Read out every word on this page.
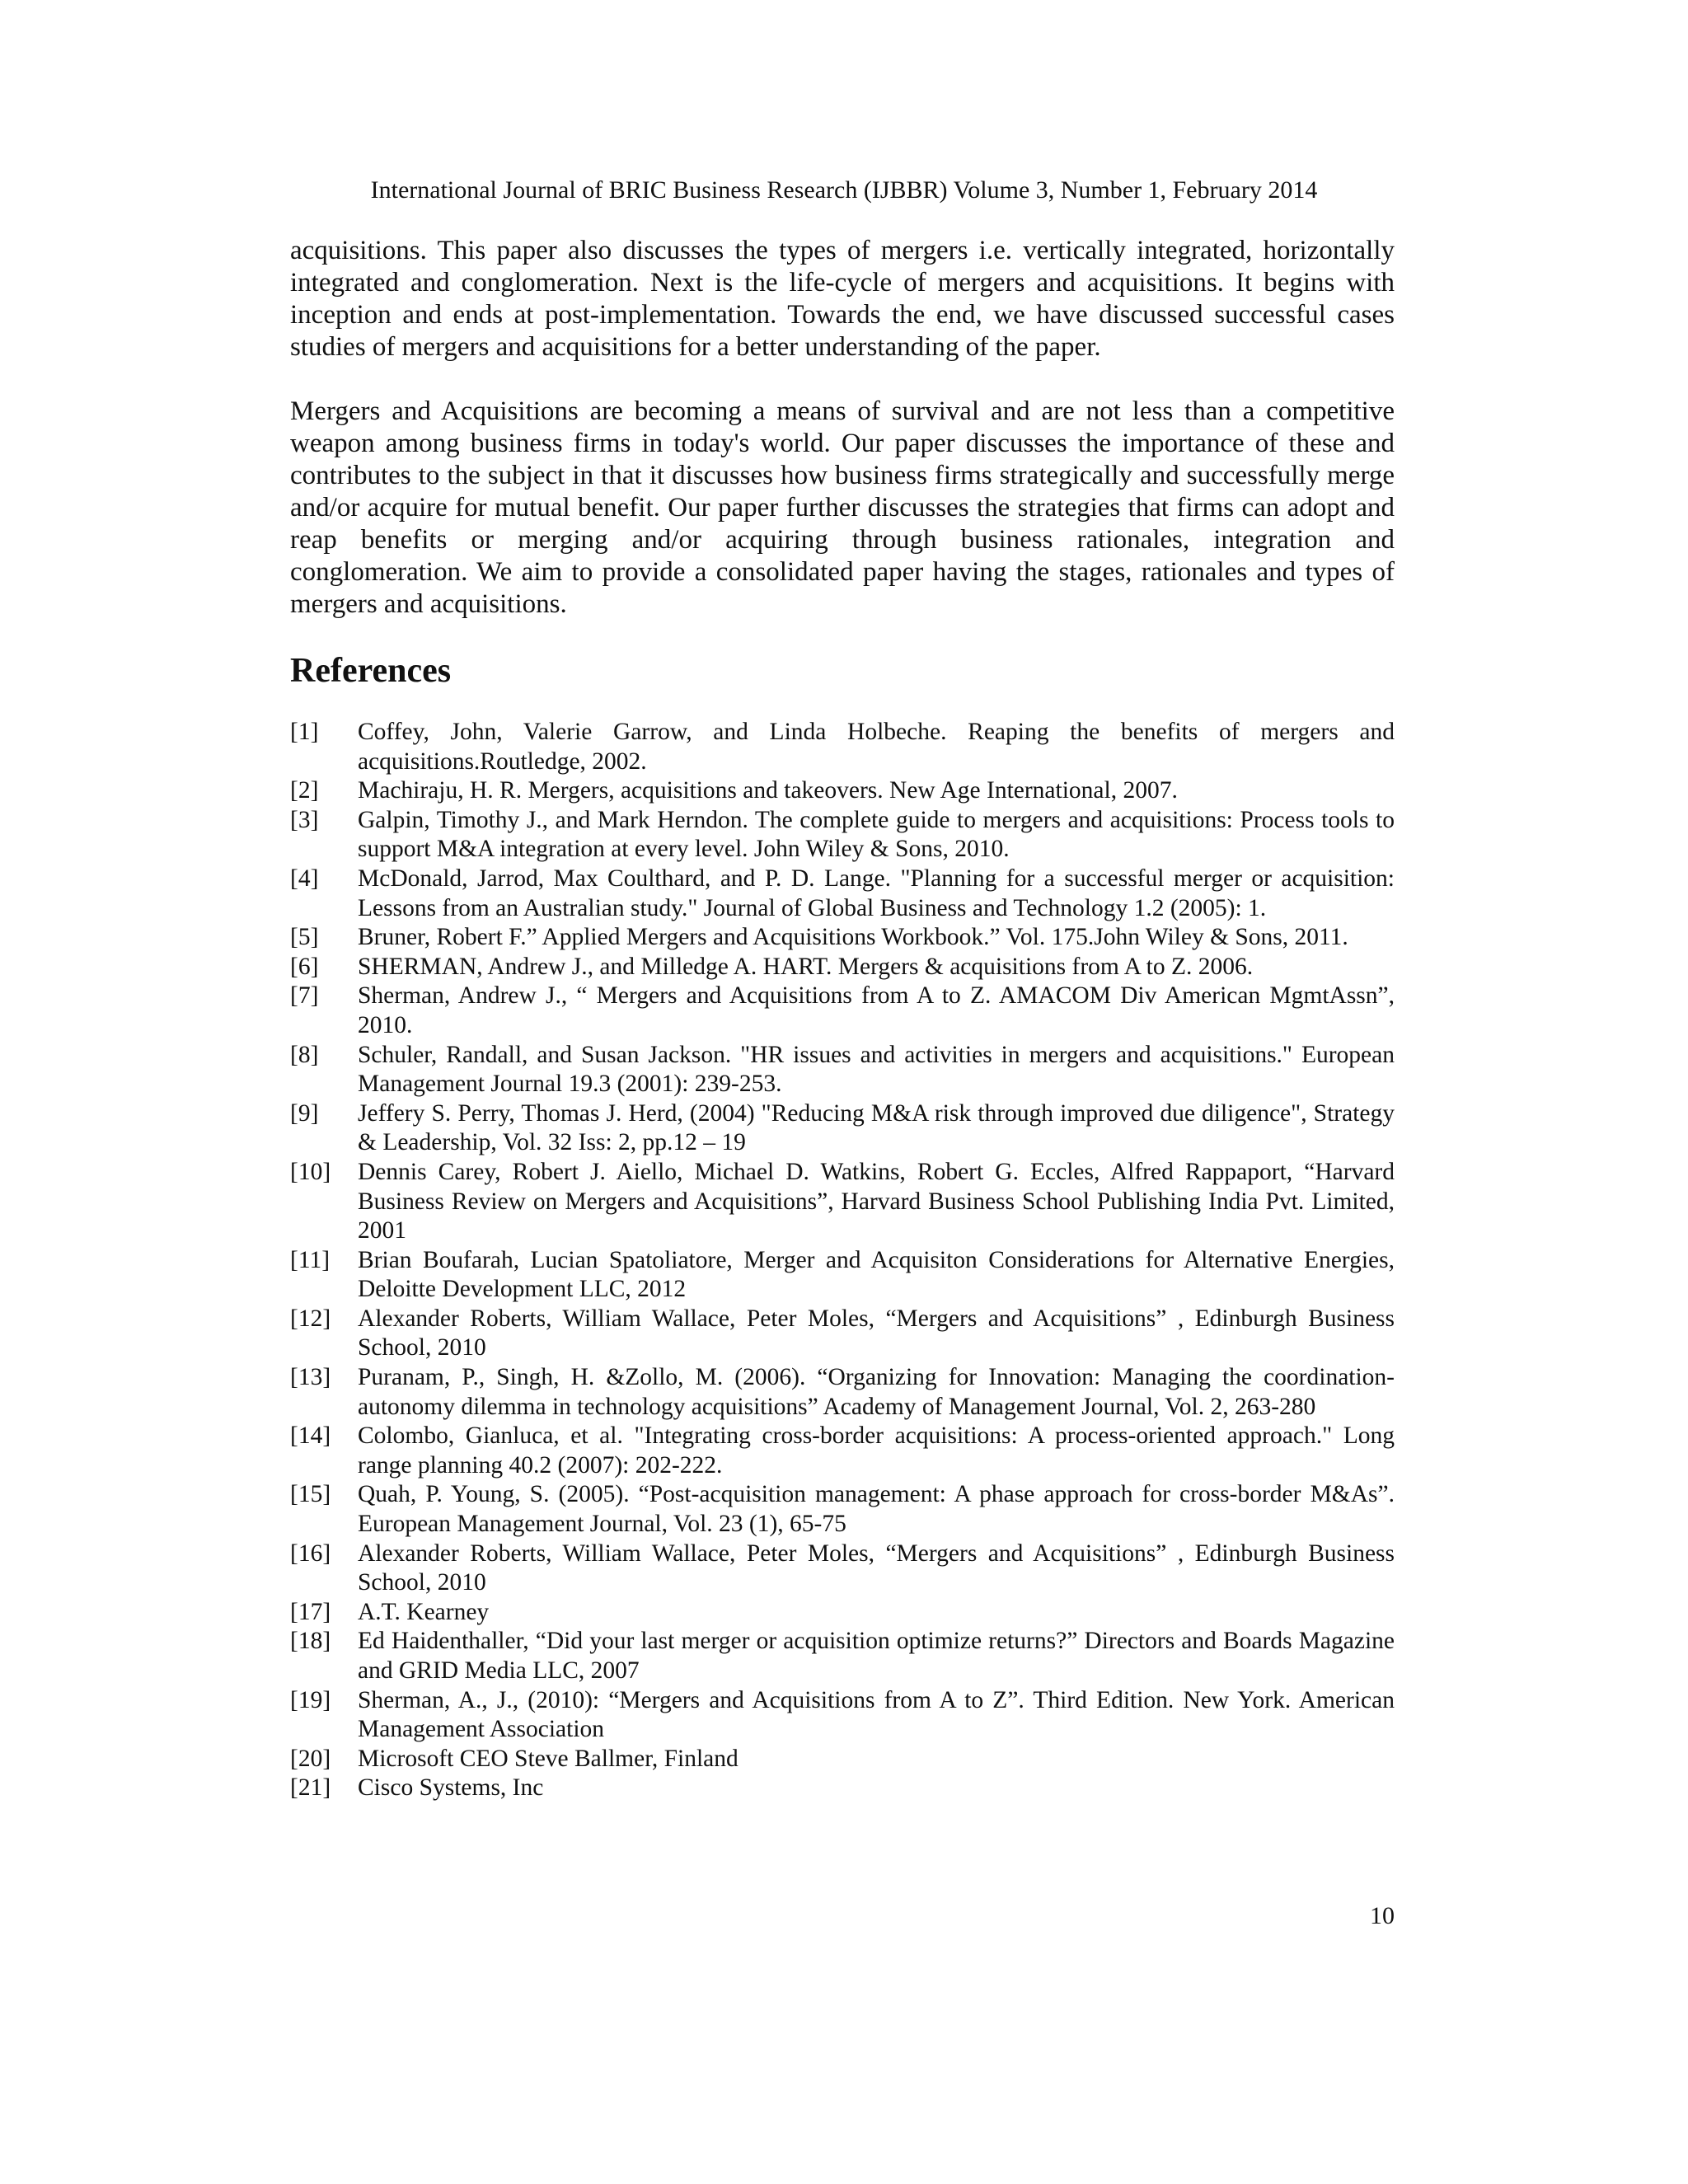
International Journal of BRIC Business Research (IJBBR) Volume 3, Number 1, February 2014

acquisitions. This paper also discusses the types of mergers i.e. vertically integrated, horizontally integrated and conglomeration. Next is the life-cycle of mergers and acquisitions. It begins with inception and ends at post-implementation. Towards the end, we have discussed successful cases studies of mergers and acquisitions for a better understanding of the paper.

Mergers and Acquisitions are becoming a means of survival and are not less than a competitive weapon among business firms in today's world. Our paper discusses the importance of these and contributes to the subject in that it discusses how business firms strategically and successfully merge and/or acquire for mutual benefit. Our paper further discusses the strategies that firms can adopt and reap benefits or merging and/or acquiring through business rationales, integration and conglomeration. We aim to provide a consolidated paper having the stages, rationales and types of mergers and acquisitions.

References
[1]	Coffey, John, Valerie Garrow, and Linda Holbeche. Reaping the benefits of mergers and acquisitions.Routledge, 2002.
[2]	Machiraju, H. R. Mergers, acquisitions and takeovers. New Age International, 2007.
[3]	Galpin, Timothy J., and Mark Herndon. The complete guide to mergers and acquisitions: Process tools to support M&A integration at every level. John Wiley & Sons, 2010.
[4]	McDonald, Jarrod, Max Coulthard, and P. D. Lange. "Planning for a successful merger or acquisition: Lessons from an Australian study." Journal of Global Business and Technology 1.2 (2005): 1.
[5]	Bruner, Robert F.” Applied Mergers and Acquisitions Workbook.” Vol. 175.John Wiley & Sons, 2011.
[6]	SHERMAN, Andrew J., and Milledge A. HART. Mergers & acquisitions from A to Z. 2006.
[7]	Sherman, Andrew J., “ Mergers and Acquisitions from A to Z. AMACOM Div American MgmtAssn”, 2010.
[8]	Schuler, Randall, and Susan Jackson. "HR issues and activities in mergers and acquisitions." European Management Journal 19.3 (2001): 239-253.
[9]	Jeffery S. Perry, Thomas J. Herd, (2004) "Reducing M&A risk through improved due diligence", Strategy & Leadership, Vol. 32 Iss: 2, pp.12 – 19
[10]	Dennis Carey, Robert J. Aiello, Michael D. Watkins, Robert G. Eccles, Alfred Rappaport, “Harvard Business Review on Mergers and Acquisitions”, Harvard Business School Publishing India Pvt. Limited, 2001
[11]	Brian Boufarah, Lucian Spatoliatore, Merger and Acquisiton Considerations for Alternative Energies, Deloitte Development LLC, 2012
[12]	Alexander Roberts, William Wallace, Peter Moles, “Mergers and Acquisitions” , Edinburgh Business School, 2010
[13]	Puranam, P., Singh, H. &Zollo, M. (2006). “Organizing for Innovation: Managing the coordination-autonomy dilemma in technology acquisitions” Academy of Management Journal, Vol. 2, 263-280
[14]	Colombo, Gianluca, et al. "Integrating cross-border acquisitions: A process-oriented approach." Long range planning 40.2 (2007): 202-222.
[15]	Quah, P. Young, S. (2005). “Post-acquisition management: A phase approach for cross-border M&As”. European Management Journal, Vol. 23 (1), 65-75
[16]	Alexander Roberts, William Wallace, Peter Moles, “Mergers and Acquisitions” , Edinburgh Business School, 2010
[17]	A.T. Kearney
[18]	Ed Haidenthaller, “Did your last merger or acquisition optimize returns?” Directors and Boards Magazine and GRID Media LLC, 2007
[19]	Sherman, A., J., (2010): “Mergers and Acquisitions from A to Z”. Third Edition. New York. American Management Association
[20]	Microsoft CEO Steve Ballmer, Finland
[21]	Cisco Systems, Inc
10
